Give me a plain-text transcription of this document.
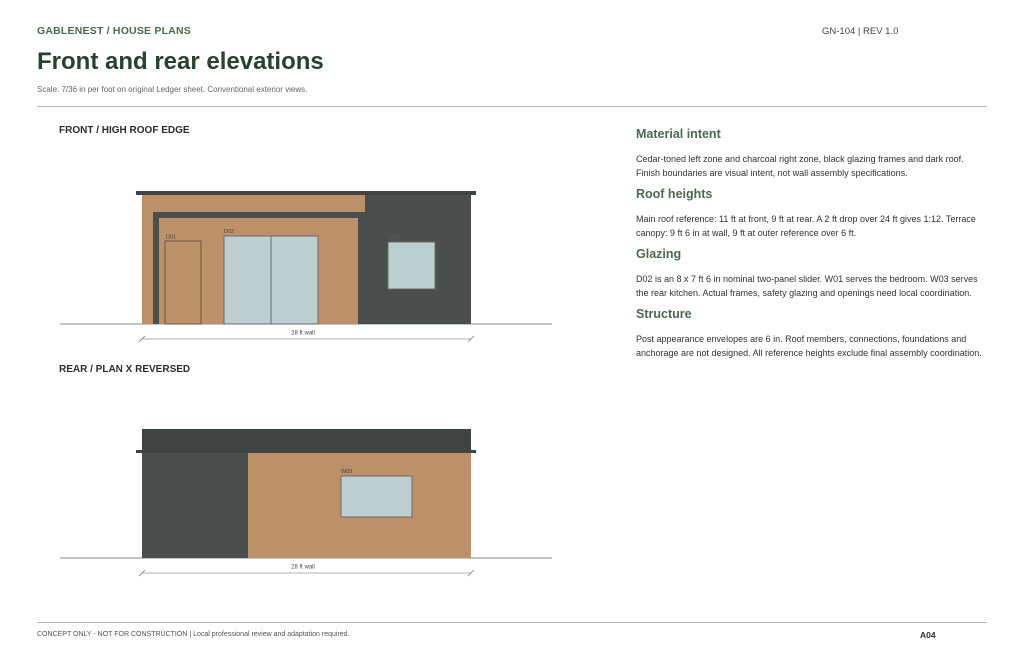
GABLENEST / HOUSE PLANS	GN-104 | REV 1.0
Front and rear elevations
Scale: 7/36 in per foot on original Ledger sheet. Conventional exterior views.
FRONT / HIGH ROOF EDGE
D01
D02
W01
28 ft wall
REAR / PLAN X REVERSED
W03
28 ft wall
Material intent

Cedar-toned left zone and charcoal right zone, black glazing frames and dark roof. Finish boundaries are visual intent, not wall assembly specifications.

Roof heights

Main roof reference: 11 ft at front, 9 ft at rear. A 2 ft drop over 24 ft gives 1:12. Terrace canopy: 9 ft 6 in at wall, 9 ft at outer reference over 6 ft.

Glazing

D02 is an 8 x 7 ft 6 in nominal two-panel slider. W01 serves the bedroom. W03 serves the rear kitchen. Actual frames, safety glazing and openings need local coordination.

Structure

Post appearance envelopes are 6 in. Roof members, connections, foundations and anchorage are not designed. All reference heights exclude final assembly coordination.

CONCEPT ONLY - NOT FOR CONSTRUCTION | Local professional review and adaptation required.	A04
